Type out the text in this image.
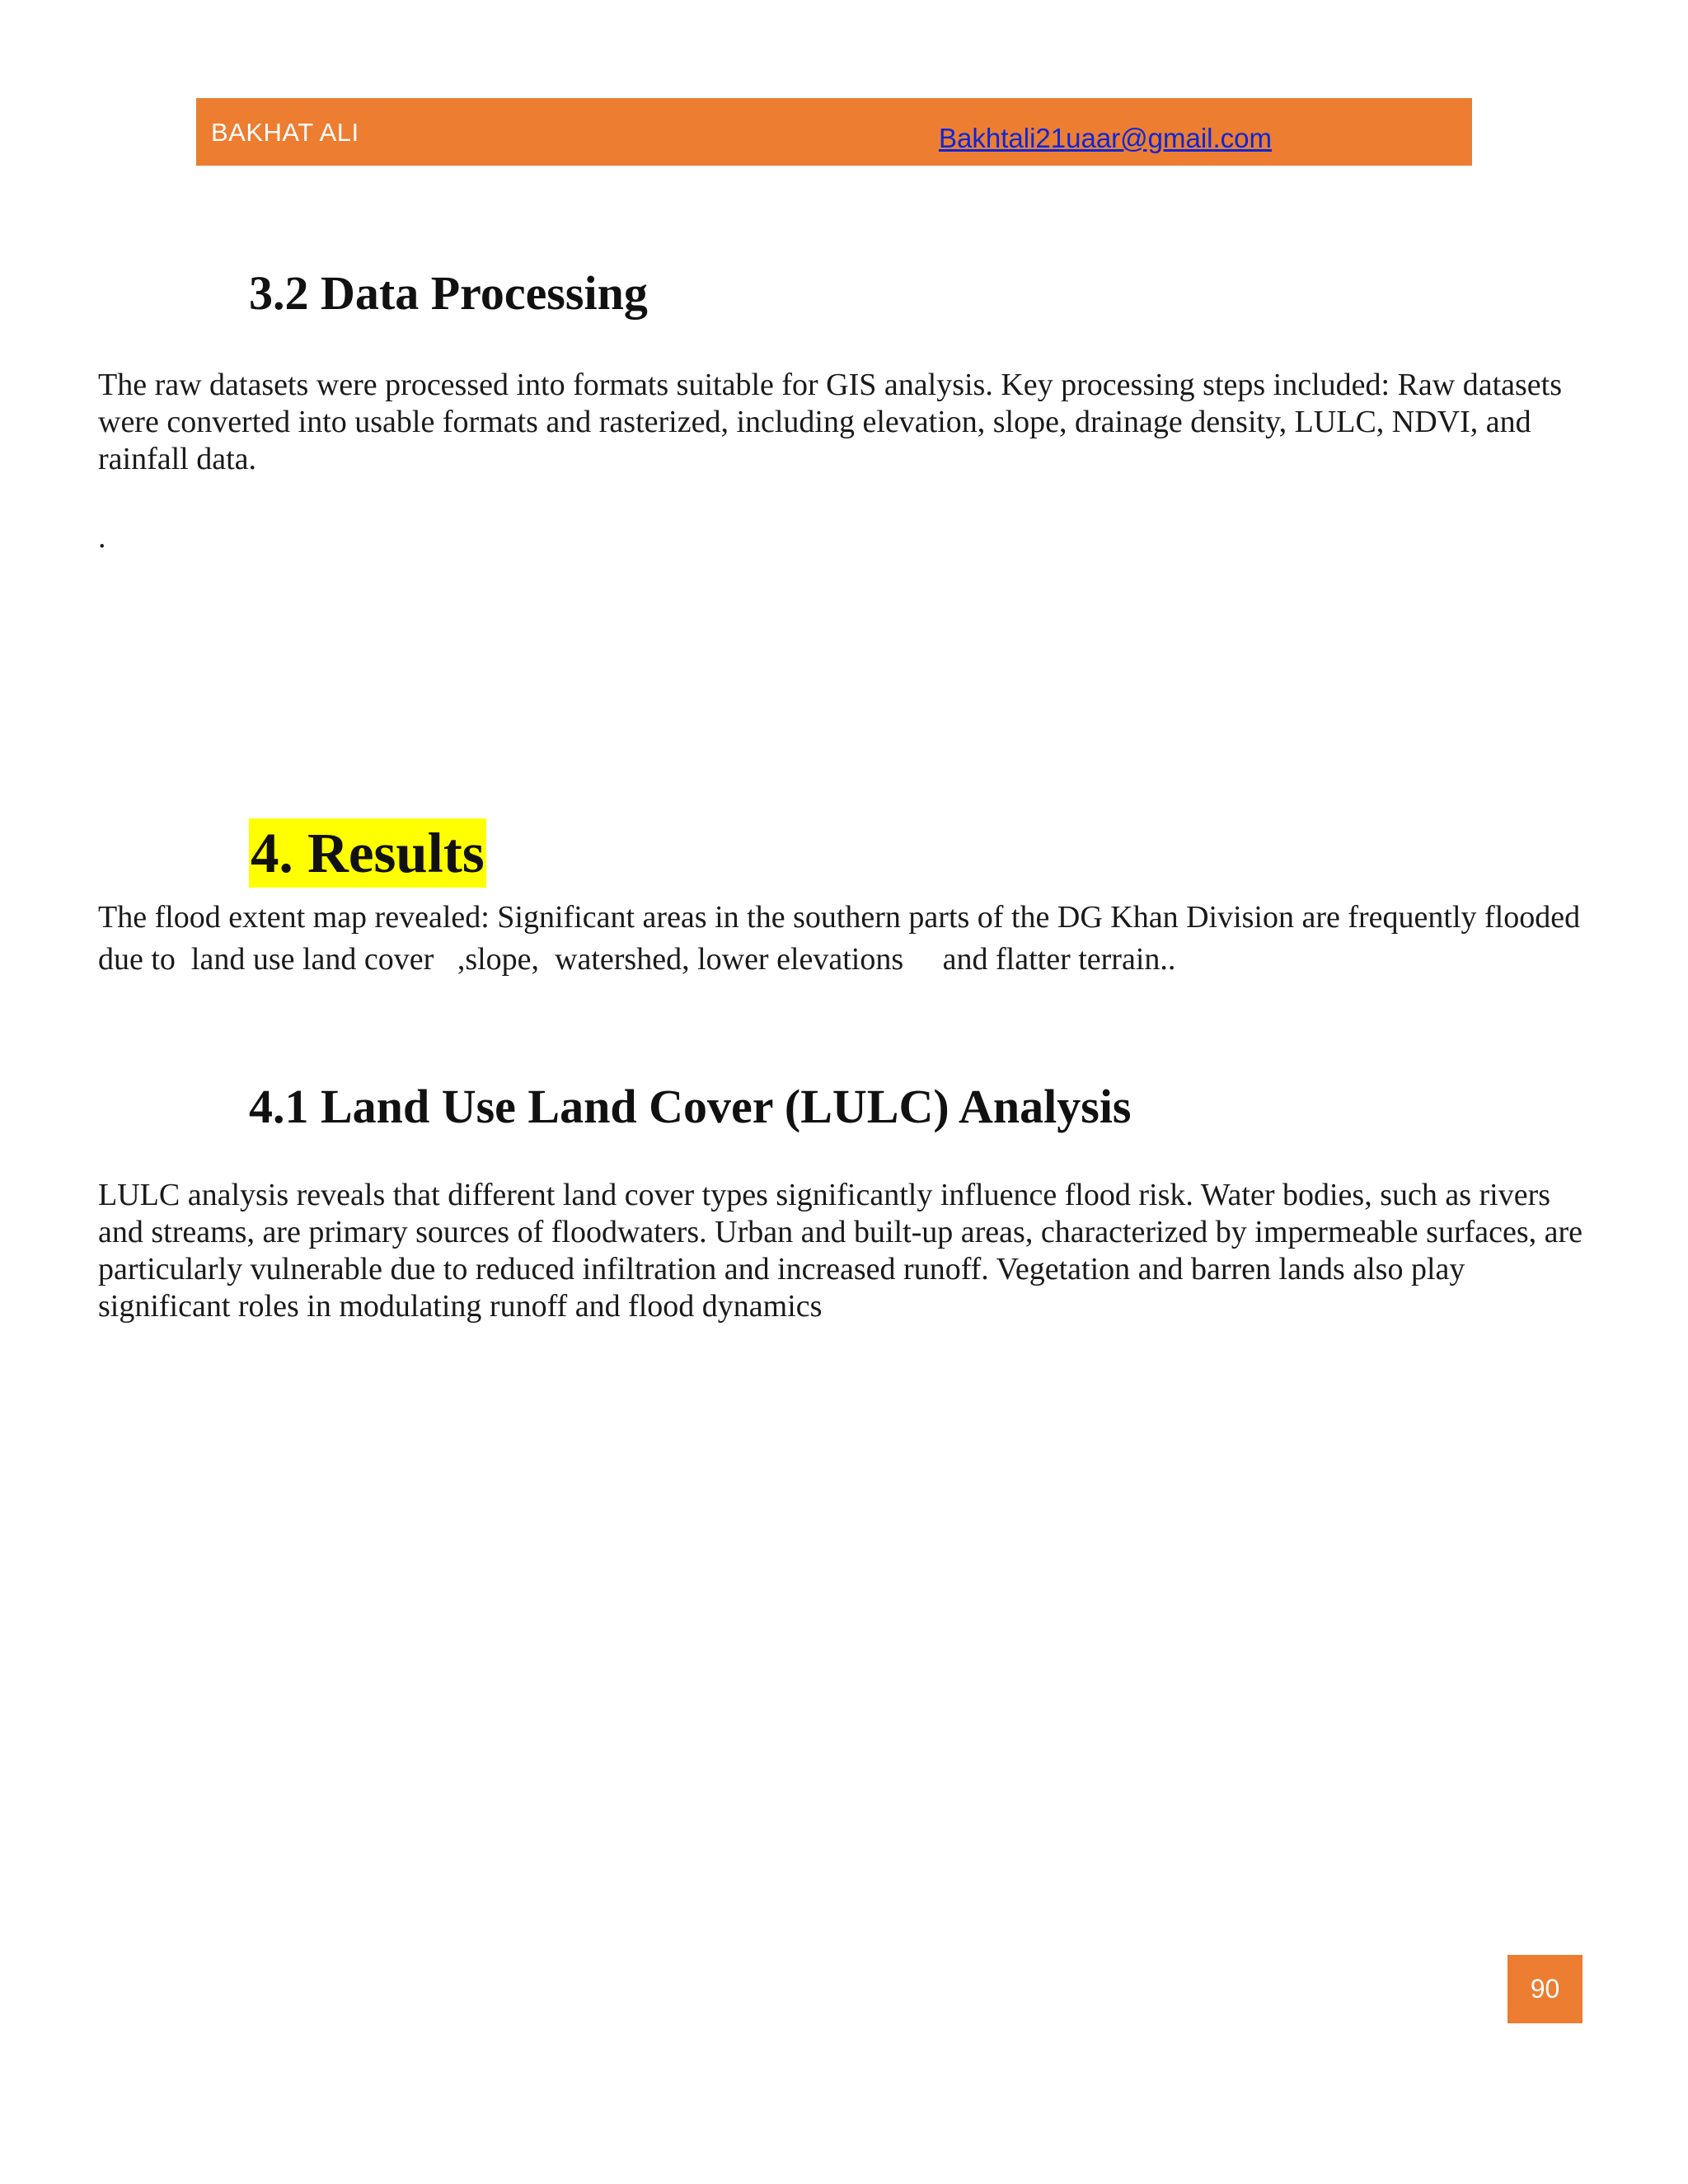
BAKHAT ALI	Bakhtali21uaar@gmail.com
3.2 Data Processing

The raw datasets were processed into formats suitable for GIS analysis. Key processing steps included: Raw datasets were converted into usable formats and rasterized, including elevation, slope, drainage density, LULC, NDVI, and rainfall data.

.

4. Results

The flood extent map revealed: Significant areas in the southern parts of the DG Khan Division are frequently flooded due to  land use land cover   ,slope,  watershed, lower elevations     and flatter terrain..

4.1 Land Use Land Cover (LULC) Analysis

LULC analysis reveals that different land cover types significantly influence flood risk. Water bodies, such as rivers and streams, are primary sources of floodwaters. Urban and built-up areas, characterized by impermeable surfaces, are particularly vulnerable due to reduced infiltration and increased runoff. Vegetation and barren lands also play significant roles in modulating runoff and flood dynamics

90
